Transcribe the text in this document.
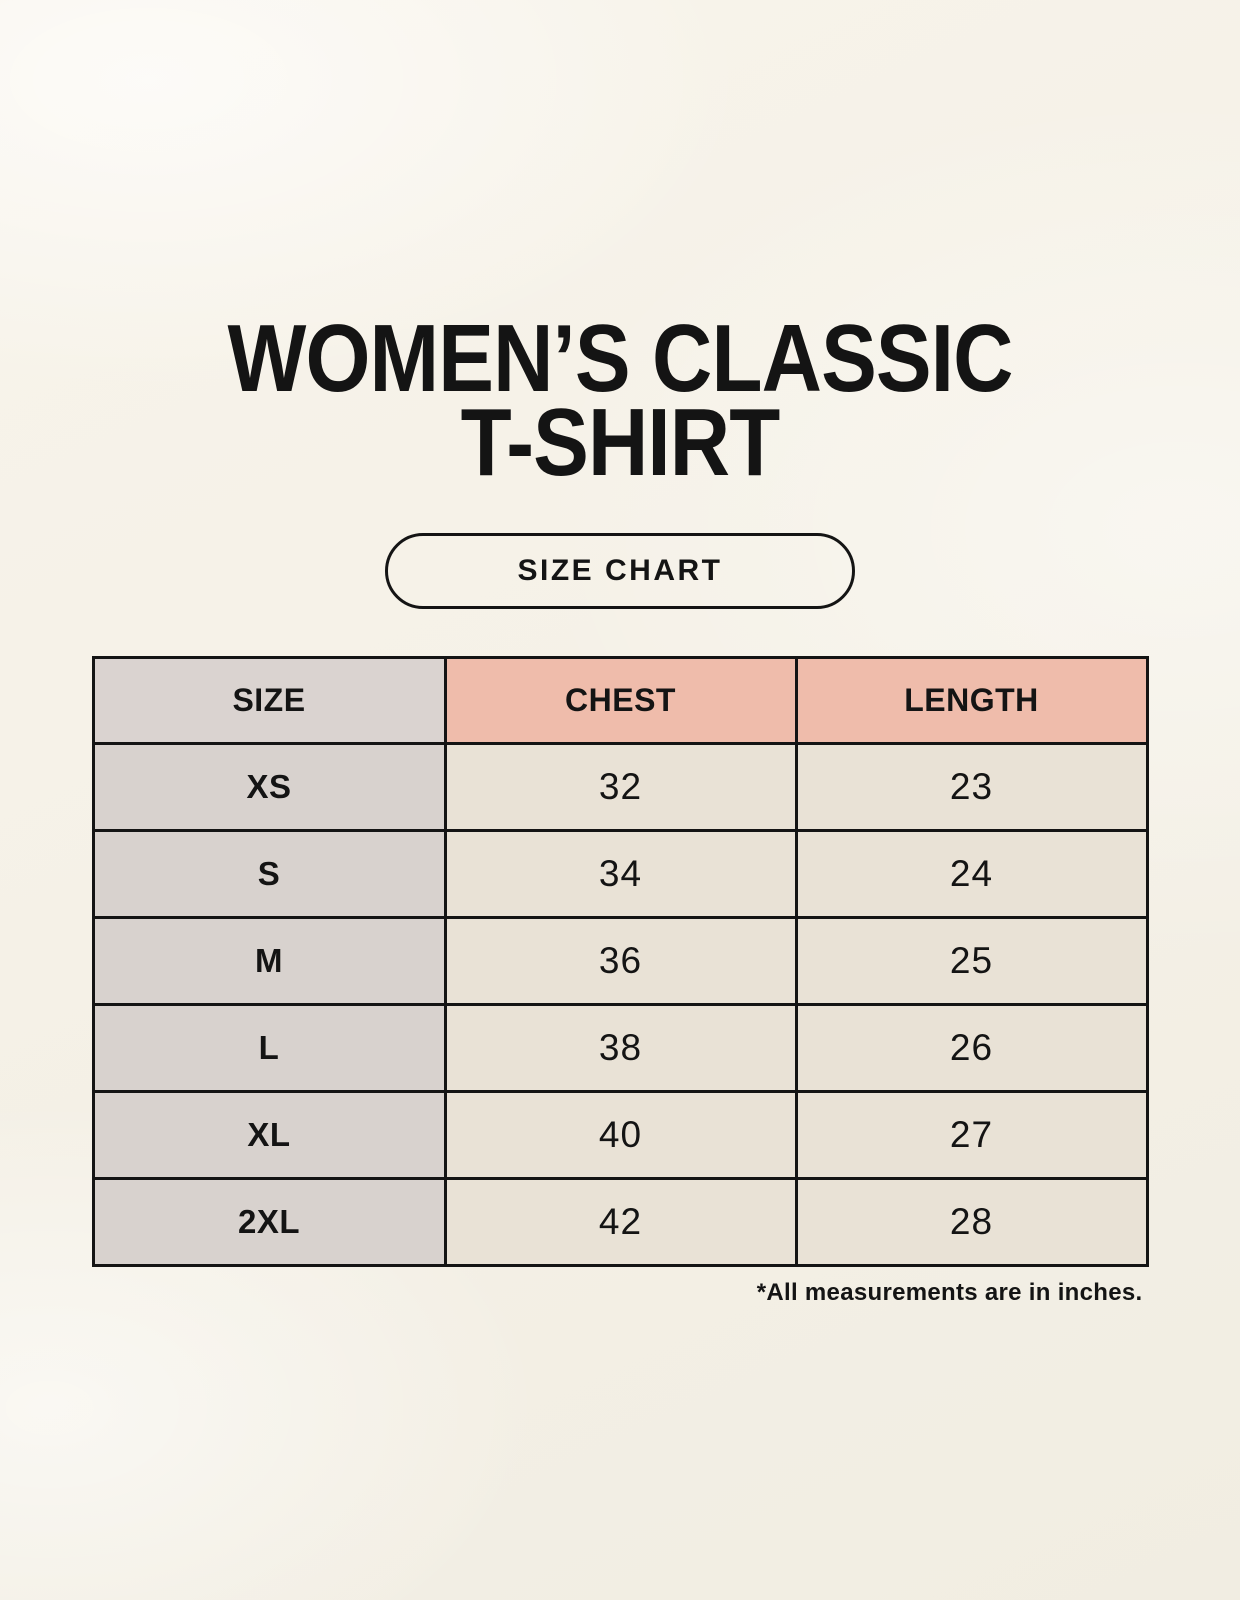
WOMEN’S CLASSIC
T-SHIRT
SIZE CHART
SIZE	CHEST	LENGTH
XS	32	23
S	34	24
M	36	25
L	38	26
XL	40	27
2XL	42	28
*All measurements are in inches.
